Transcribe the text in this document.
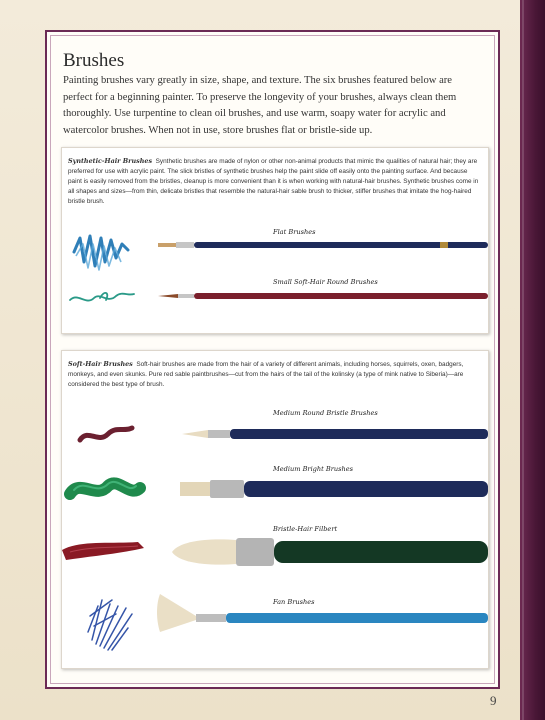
Brushes

Painting brushes vary greatly in size, shape, and texture. The six brushes featured below are perfect for a beginning painter. To preserve the longevity of your brushes, always clean them thoroughly. Use turpentine to clean oil brushes, and use warm, soapy water for acrylic and watercolor brushes. When not in use, store brushes flat or bristle-side up.

Synthetic-Hair Brushes Synthetic brushes are made of nylon or other non-animal products that mimic the qualities of natural hair; they are preferred for use with acrylic paint. The slick bristles of synthetic brushes help the paint slide off easily onto the painting surface. And because paint is easily removed from the bristles, cleanup is more convenient than it is when working with natural-hair brushes. Synthetic brushes come in all shapes and sizes—from thin, delicate bristles that resemble the natural-hair sable brush to thicker, stiffer brushes that imitate the hog-haired bristle brush.

Soft-Hair Brushes Soft-hair brushes are made from the hair of a variety of different animals, including horses, squirrels, oxen, badgers, monkeys, and even skunks. Pure red sable paintbrushes—cut from the hairs of the tail of the kolinsky (a type of mink native to Siberia)—are considered the best type of brush.

Flat Brushes
Small Soft-Hair Round Brushes
Medium Round Bristle Brushes
Medium Bright Brushes
Bristle-Hair Filbert
Fan Brushes
9
